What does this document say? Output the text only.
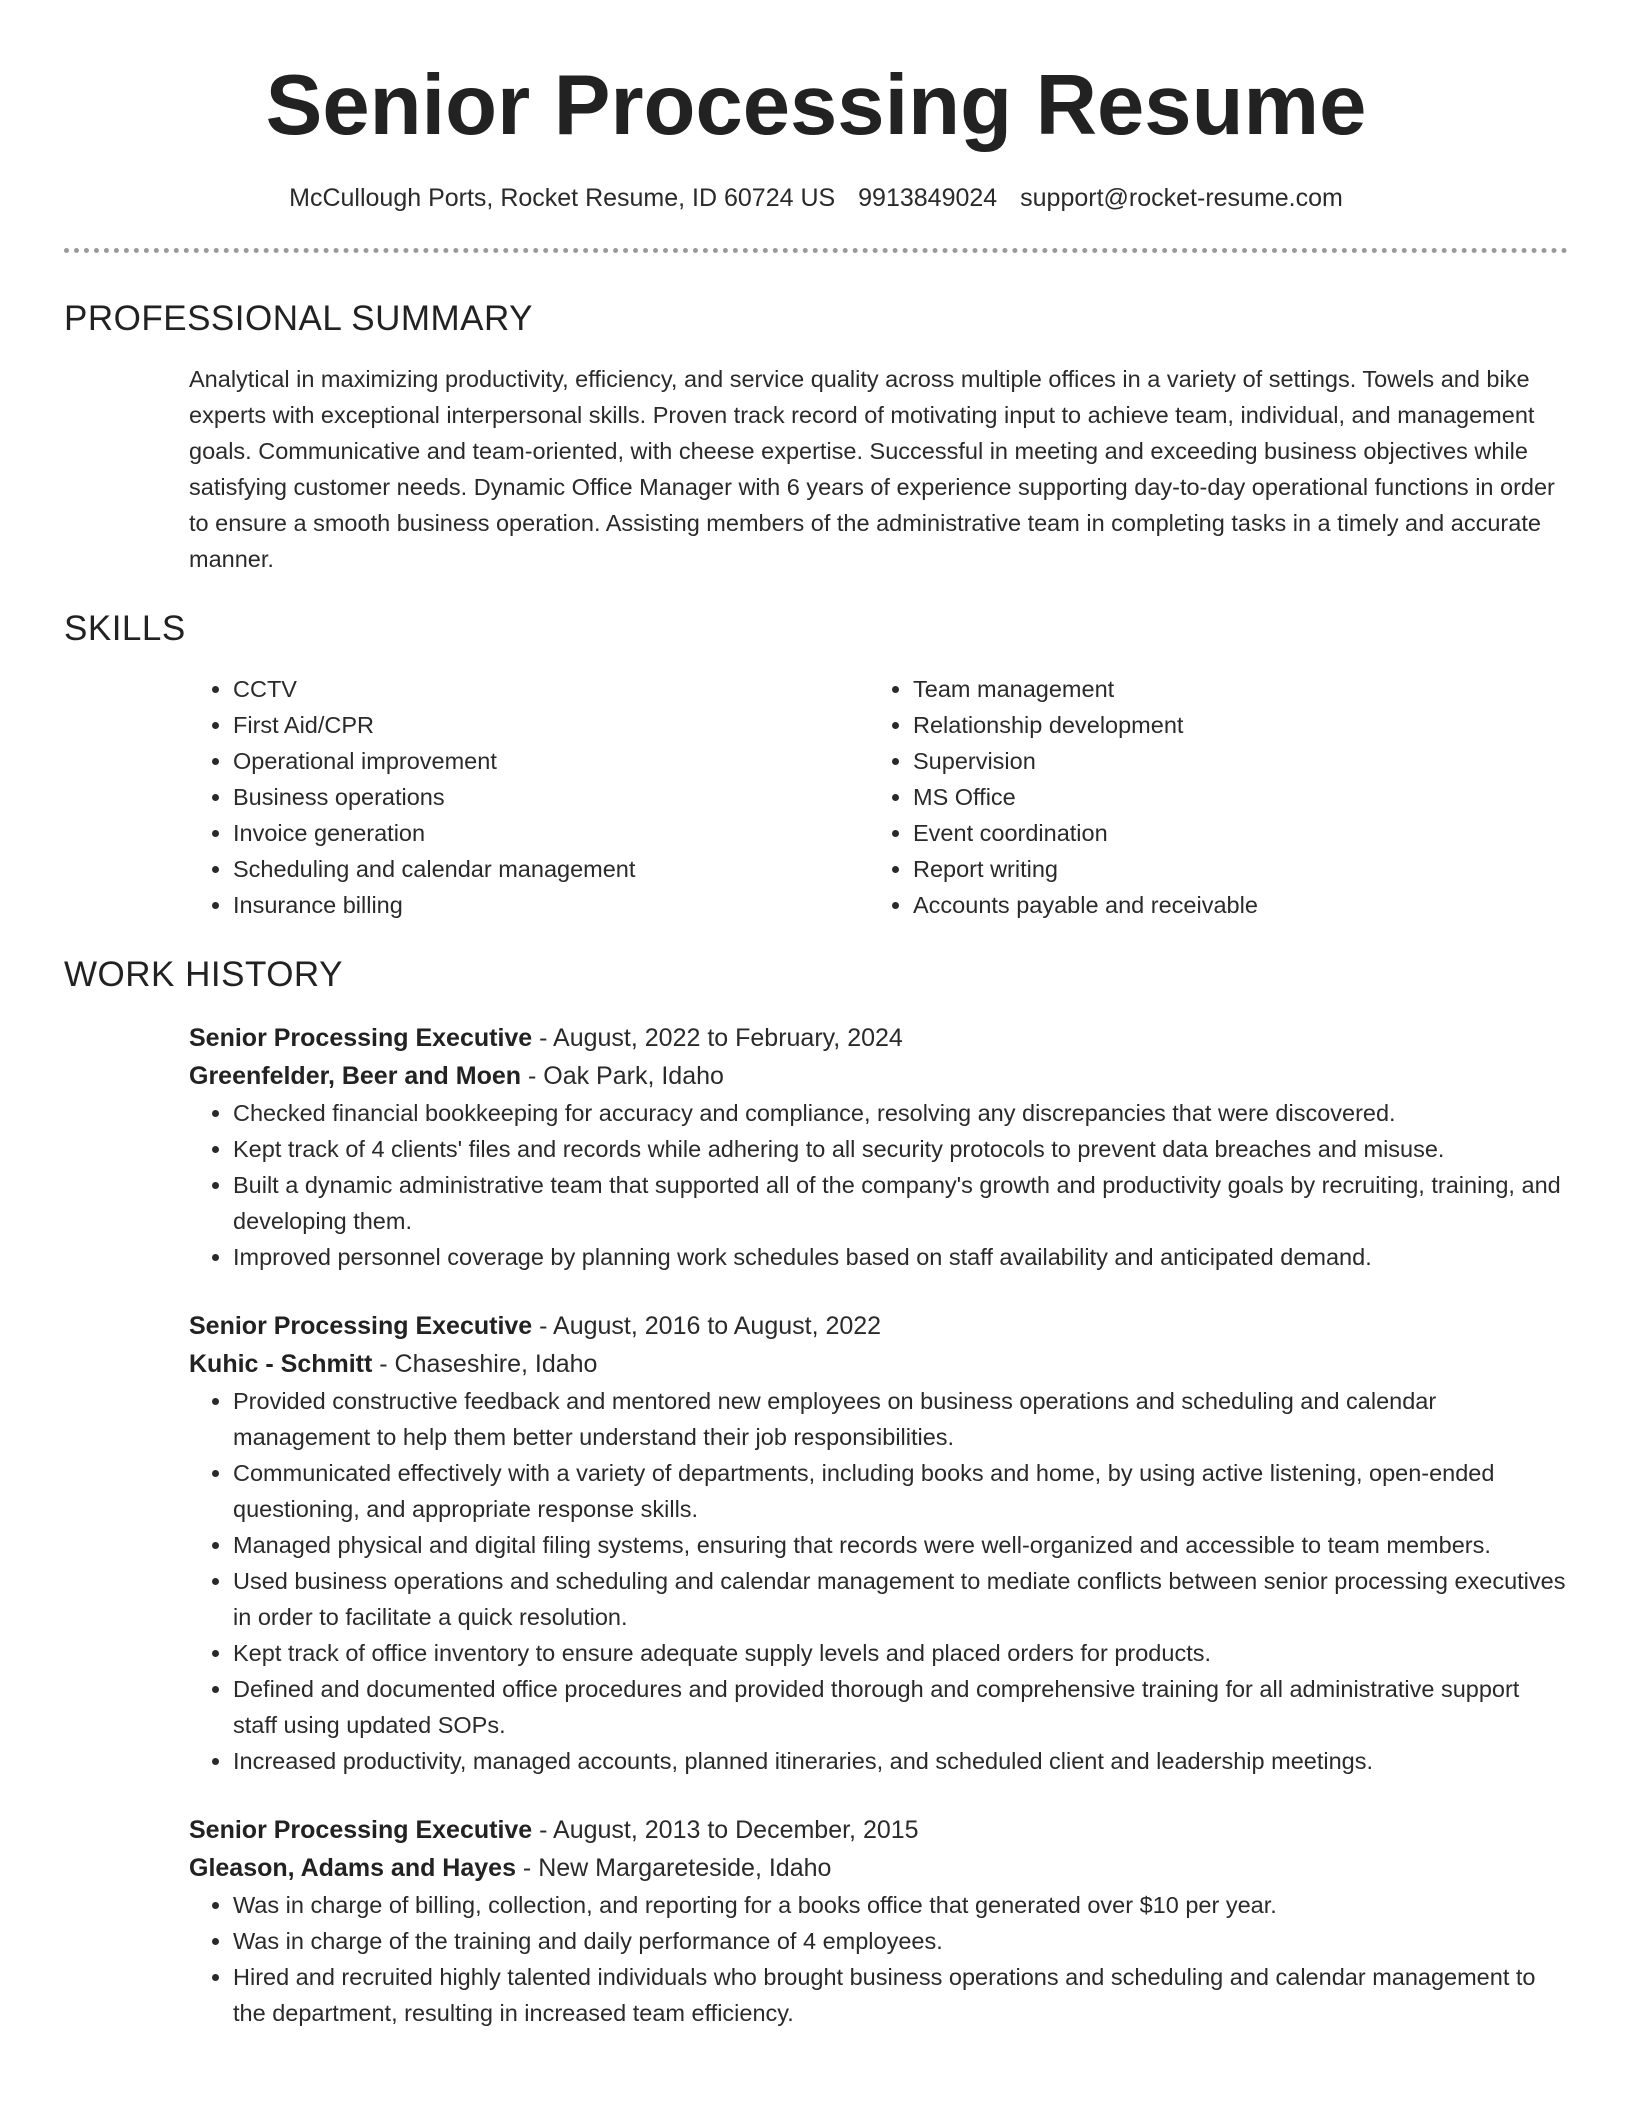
Senior Processing Resume
McCullough Ports, Rocket Resume, ID 60724 US 9913849024 support@rocket-resume.com
PROFESSIONAL SUMMARY

Analytical in maximizing productivity, efficiency, and service quality across multiple offices in a variety of settings. Towels and bike experts with exceptional interpersonal skills. Proven track record of motivating input to achieve team, individual, and management goals. Communicative and team-oriented, with cheese expertise. Successful in meeting and exceeding business objectives while satisfying customer needs. Dynamic Office Manager with 6 years of experience supporting day-to-day operational functions in order to ensure a smooth business operation. Assisting members of the administrative team in completing tasks in a timely and accurate manner.

SKILLS
• CCTV
• First Aid/CPR
• Operational improvement
• Business operations
• Invoice generation
• Scheduling and calendar management
• Insurance billing
• Team management
• Relationship development
• Supervision
• MS Office
• Event coordination
• Report writing
• Accounts payable and receivable
WORK HISTORY
Senior Processing Executive - August, 2022 to February, 2024
Greenfelder, Beer and Moen - Oak Park, Idaho
• Checked financial bookkeeping for accuracy and compliance, resolving any discrepancies that were discovered.
• Kept track of 4 clients' files and records while adhering to all security protocols to prevent data breaches and misuse.
• Built a dynamic administrative team that supported all of the company's growth and productivity goals by recruiting, training, and developing them.
• Improved personnel coverage by planning work schedules based on staff availability and anticipated demand.
Senior Processing Executive - August, 2016 to August, 2022
Kuhic - Schmitt - Chaseshire, Idaho
• Provided constructive feedback and mentored new employees on business operations and scheduling and calendar management to help them better understand their job responsibilities.
• Communicated effectively with a variety of departments, including books and home, by using active listening, open-ended questioning, and appropriate response skills.
• Managed physical and digital filing systems, ensuring that records were well-organized and accessible to team members.
• Used business operations and scheduling and calendar management to mediate conflicts between senior processing executives in order to facilitate a quick resolution.
• Kept track of office inventory to ensure adequate supply levels and placed orders for products.
• Defined and documented office procedures and provided thorough and comprehensive training for all administrative support staff using updated SOPs.
• Increased productivity, managed accounts, planned itineraries, and scheduled client and leadership meetings.
Senior Processing Executive - August, 2013 to December, 2015
Gleason, Adams and Hayes - New Margareteside, Idaho
• Was in charge of billing, collection, and reporting for a books office that generated over $10 per year.
• Was in charge of the training and daily performance of 4 employees.
• Hired and recruited highly talented individuals who brought business operations and scheduling and calendar management to the department, resulting in increased team efficiency.
